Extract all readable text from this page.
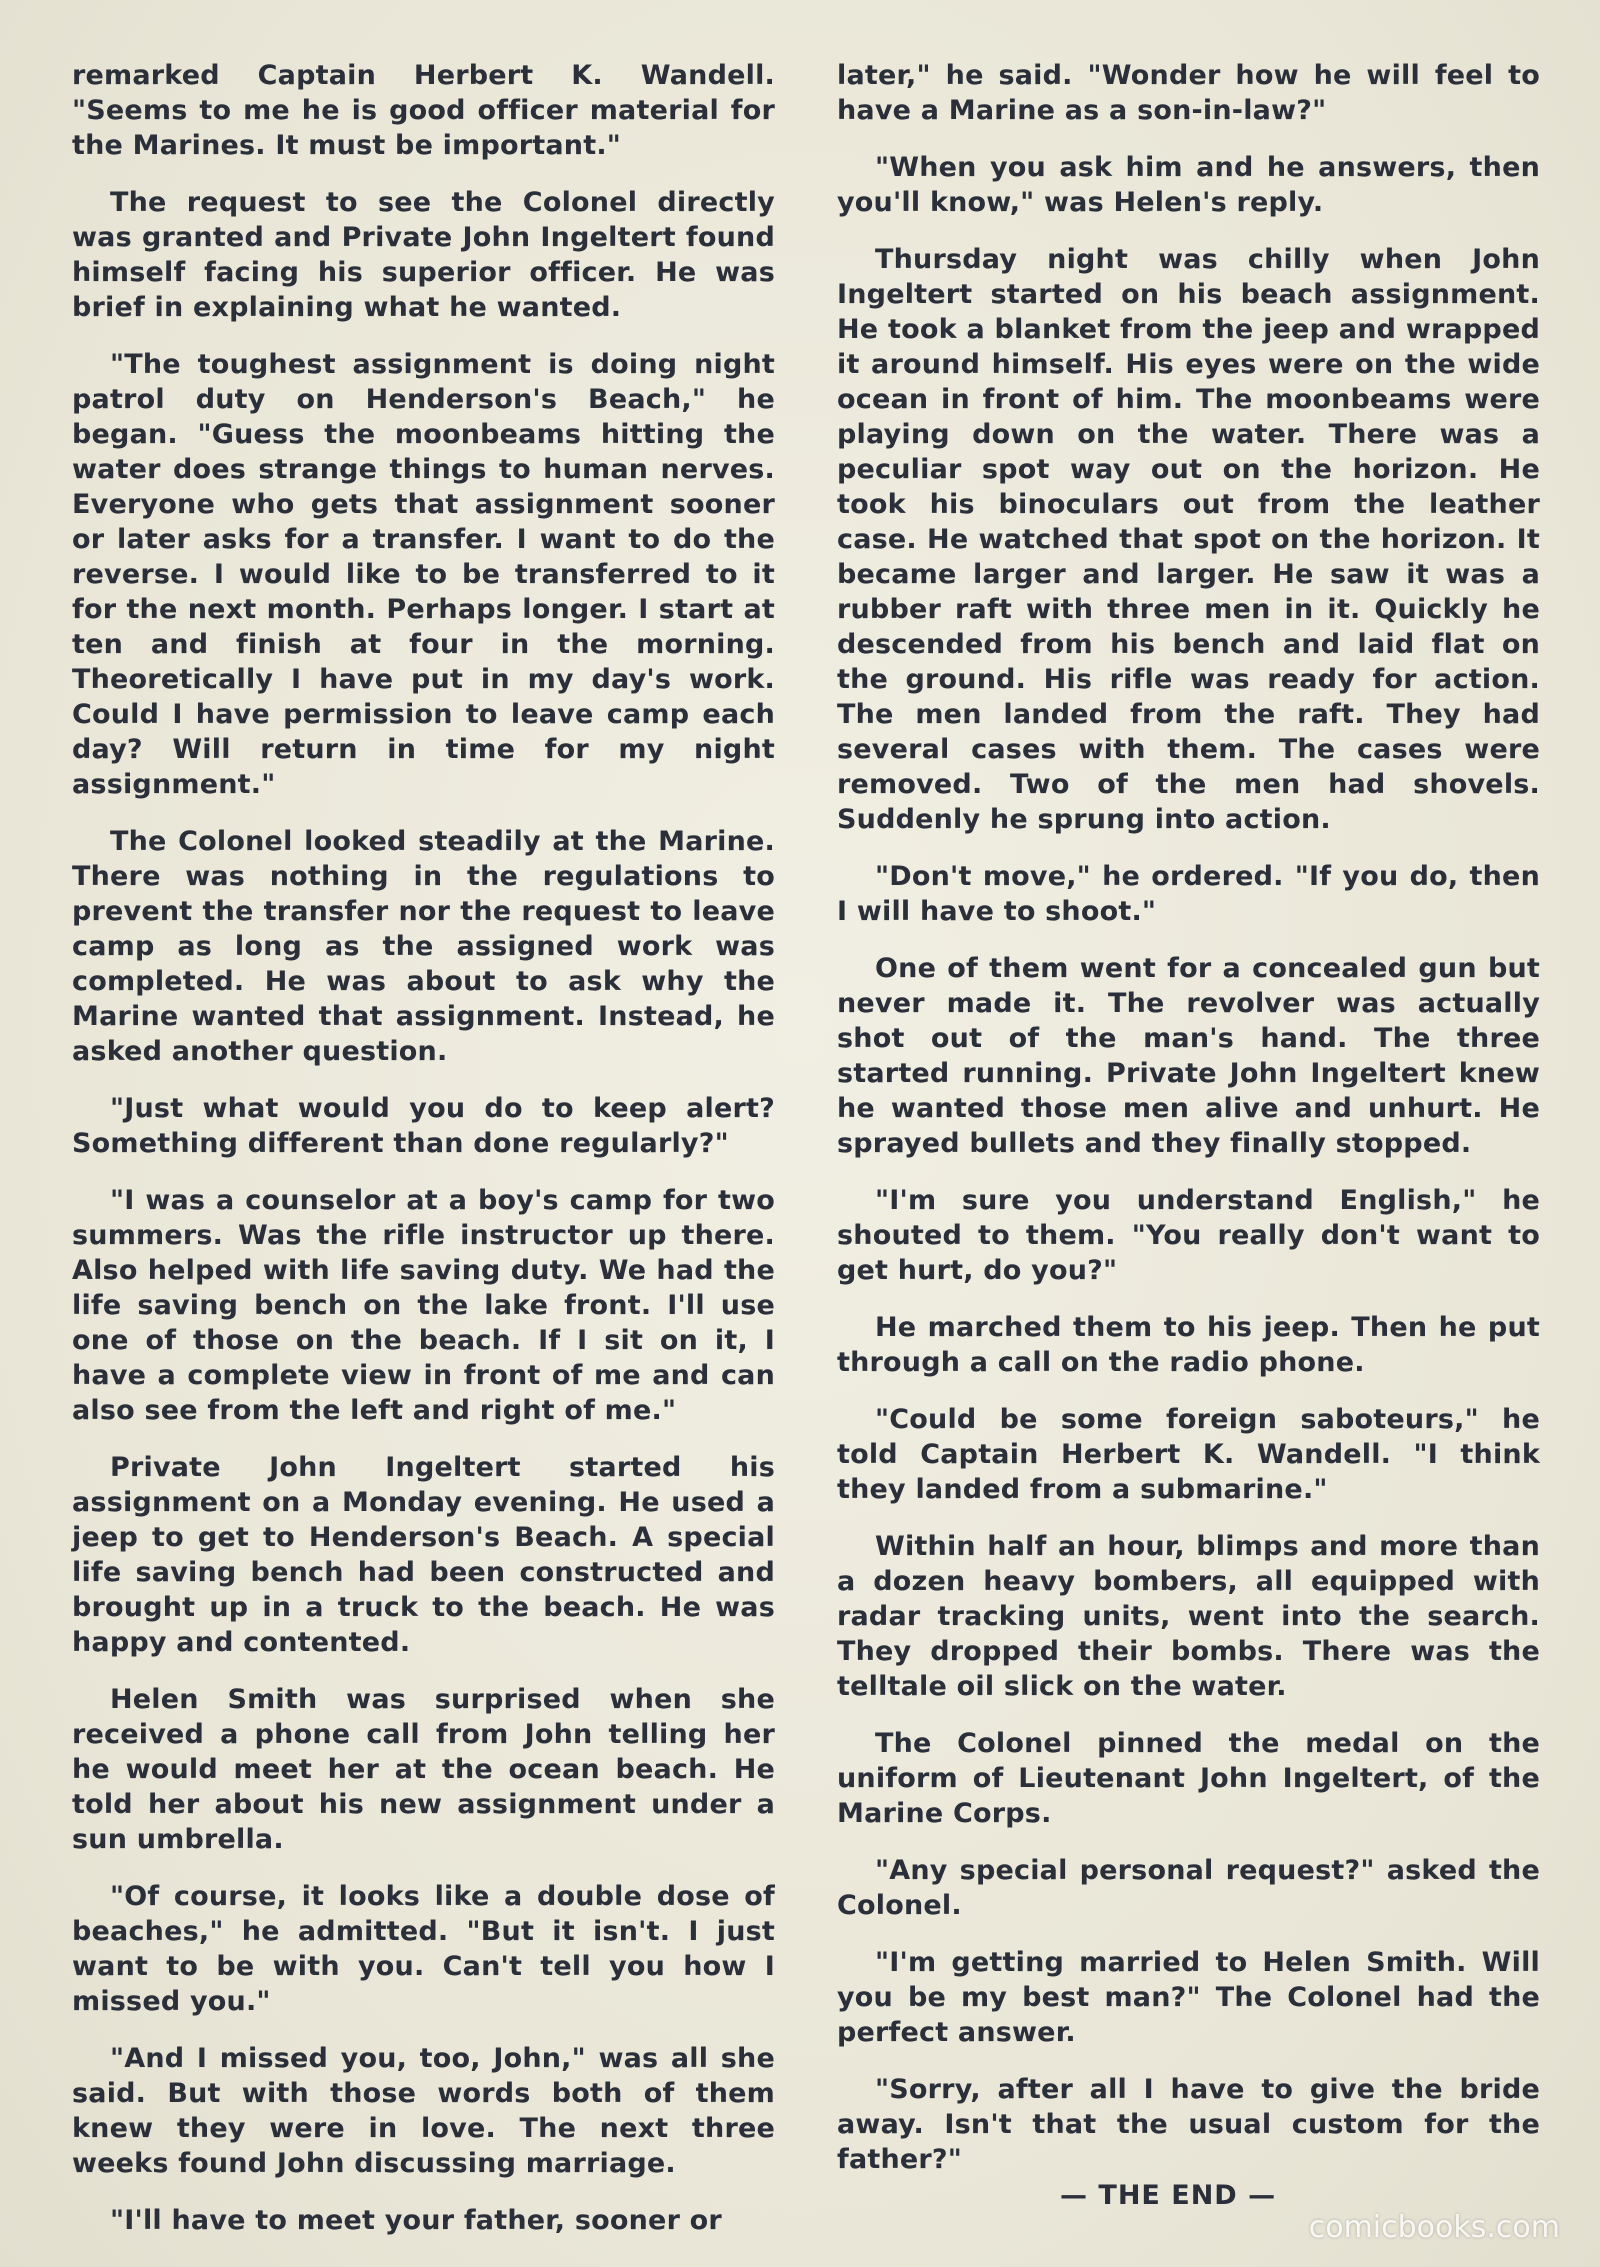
remarked Captain Herbert K. Wandell. "Seems to me he is good officer material for the Marines. It must be important."

The request to see the Colonel directly was granted and Private John Ingeltert found himself facing his superior officer. He was brief in explaining what he wanted.

"The toughest assignment is doing night patrol duty on Henderson's Beach," he began. "Guess the moonbeams hitting the water does strange things to human nerves. Everyone who gets that assignment sooner or later asks for a transfer. I want to do the reverse. I would like to be transferred to it for the next month. Perhaps longer. I start at ten and finish at four in the morning. Theoretically I have put in my day's work. Could I have permission to leave camp each day? Will return in time for my night assignment."

The Colonel looked steadily at the Marine. There was nothing in the regulations to prevent the transfer nor the request to leave camp as long as the assigned work was completed. He was about to ask why the Marine wanted that assignment. Instead, he asked another question.

"Just what would you do to keep alert? Something different than done regularly?"

"I was a counselor at a boy's camp for two summers. Was the rifle instructor up there. Also helped with life saving duty. We had the life saving bench on the lake front. I'll use one of those on the beach. If I sit on it, I have a complete view in front of me and can also see from the left and right of me."

Private John Ingeltert started his assignment on a Monday evening. He used a jeep to get to Henderson's Beach. A special life saving bench had been constructed and brought up in a truck to the beach. He was happy and contented.

Helen Smith was surprised when she received a phone call from John telling her he would meet her at the ocean beach. He told her about his new assignment under a sun umbrella.

"Of course, it looks like a double dose of beaches," he admitted. "But it isn't. I just want to be with you. Can't tell you how I missed you."

"And I missed you, too, John," was all she said. But with those words both of them knew they were in love. The next three weeks found John discussing marriage.

"I'll have to meet your father, sooner or

later," he said. "Wonder how he will feel to have a Marine as a son-in-law?"

"When you ask him and he answers, then you'll know," was Helen's reply.

Thursday night was chilly when John Ingeltert started on his beach assignment. He took a blanket from the jeep and wrapped it around himself. His eyes were on the wide ocean in front of him. The moonbeams were playing down on the water. There was a peculiar spot way out on the horizon. He took his binoculars out from the leather case. He watched that spot on the horizon. It became larger and larger. He saw it was a rubber raft with three men in it. Quickly he descended from his bench and laid flat on the ground. His rifle was ready for action. The men landed from the raft. They had several cases with them. The cases were removed. Two of the men had shovels. Suddenly he sprung into action.

"Don't move," he ordered. "If you do, then I will have to shoot."

One of them went for a concealed gun but never made it. The revolver was actually shot out of the man's hand. The three started running. Private John Ingeltert knew he wanted those men alive and unhurt. He sprayed bullets and they finally stopped.

"I'm sure you understand English," he shouted to them. "You really don't want to get hurt, do you?"

He marched them to his jeep. Then he put through a call on the radio phone.

"Could be some foreign saboteurs," he told Captain Herbert K. Wandell. "I think they landed from a submarine."

Within half an hour, blimps and more than a dozen heavy bombers, all equipped with radar tracking units, went into the search. They dropped their bombs. There was the telltale oil slick on the water.

The Colonel pinned the medal on the uniform of Lieutenant John Ingeltert, of the Marine Corps.

"Any special personal request?" asked the Colonel.

"I'm getting married to Helen Smith. Will you be my best man?" The Colonel had the perfect answer.

"Sorry, after all I have to give the bride away. Isn't that the usual custom for the father?"

— THE END —
comicbooks.com
